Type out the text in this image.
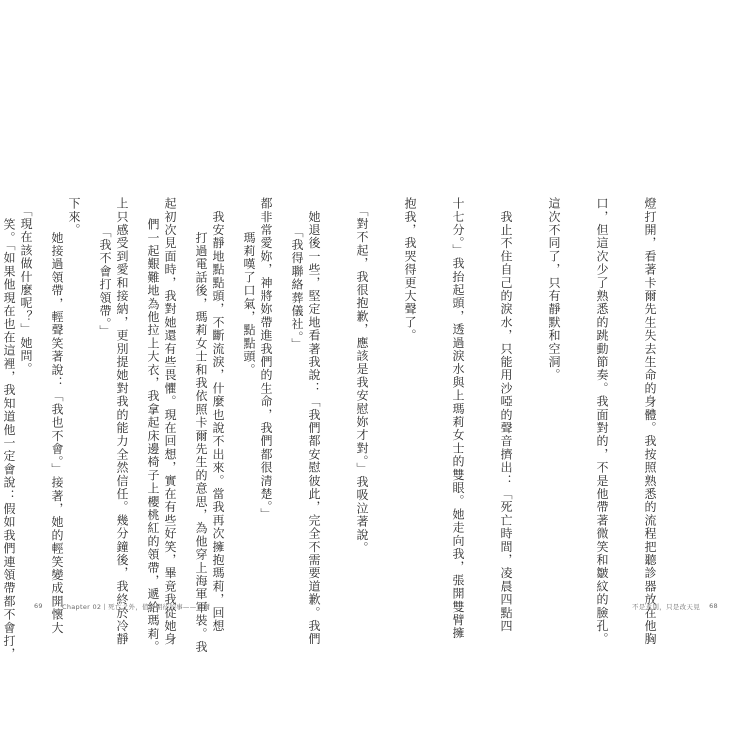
燈打開，看著卡爾先生失去生命的身體。我按照熟悉的流程把聽診器放在他胸

口，但這次少了熟悉的跳動節奏。我面對的，不是他帶著微笑和皺紋的臉孔。

這次不同了，只有靜默和空洞。

　我止不住自己的淚水，只能用沙啞的聲音擠出：「死亡時間，凌晨四點四

十七分。」我抬起頭，透過淚水與上瑪莉女士的雙眼。她走向我，張開雙臂擁

抱我，我哭得更大聲了。

　「對不起，我很抱歉，應該是我安慰妳才對。」我吸泣著說。

　她退後一些，堅定地看著我說：「我們都安慰彼此，完全不需要道歉。我們

都非常愛妳，神將妳帶進我們的生命，我們都很清楚。」

　我安靜地點點頭，不斷流淚，什麼也說不出來。當我再次擁抱瑪莉，回想

起初次見面時，我對她還有些畏懼。現在回想，實在有些好笑，畢竟我從她身

上只感受到愛和接納，更別提她對我的能力全然信任。幾分鐘後，我終於冷靜

下來。

　「現在該做什麼呢？」她問。

不是永別，只是改天見 68

　「我得聯絡葬儀社。」

　瑪莉嘆了口氣，點點頭。

　打過電話後，瑪莉女士和我依照卡爾先生的意思，為他穿上海軍軍裝。我

們一起艱難地為他拉上大衣，我拿起床邊椅子上櫻桃紅的領帶，遞給瑪莉。

　「我不會打領帶。」

　她接過領帶，輕聲笑著說：「我也不會。」接著，她的輕笑變成開懷大

笑。「如果他現在也在這裡，我知道他一定會說：假如我們連領帶都不會打，

	69	Chapter 02丨死亡之外，值得期待的事——卡爾
